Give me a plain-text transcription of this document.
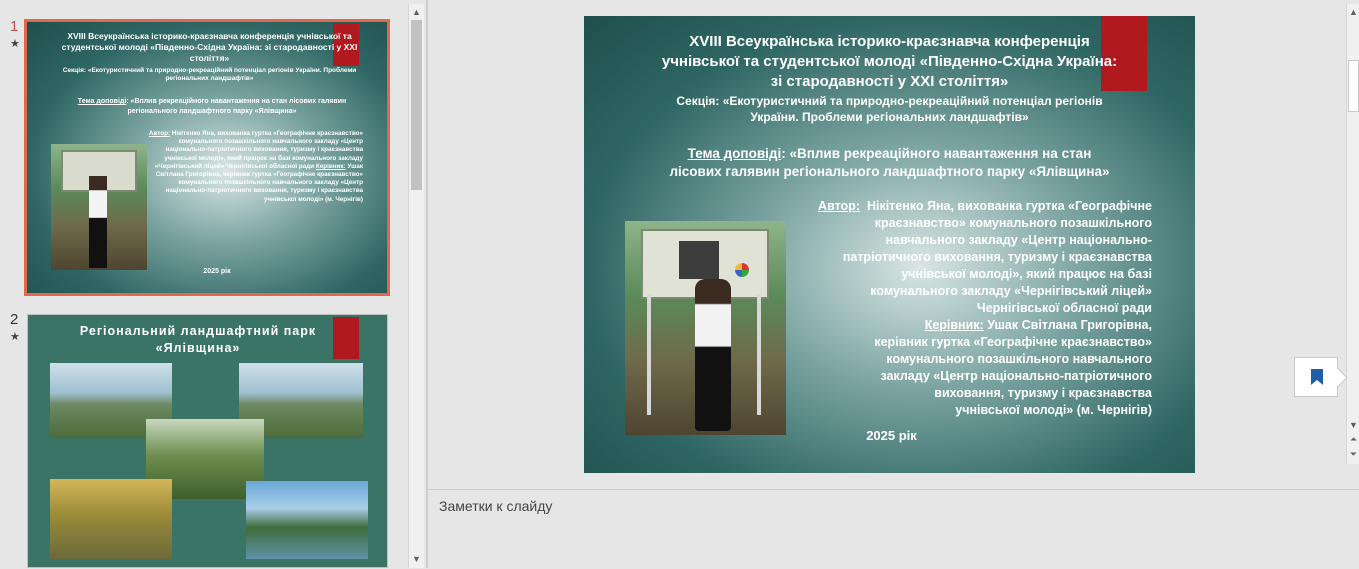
1
★
XVIII Всеукраїнська історико-краєзнавча конференція учнівської та студентської молоді «Південно-Східна Україна: зі стародавності у XXI століття»
Секція: «Екотуристичний та природно-рекреаційний потенціал регіонів України. Проблеми регіональних ландшафтів»
Тема доповіді: «Вплив рекреаційного навантаження на стан лісових галявин регіонального ландшафтного парку «Ялівщина»
Автор: Нікітенко Яна, вихованка гуртка «Географічне краєзнавство» комунального позашкільного навчального закладу «Центр національно-патріотичного виховання, туризму і краєзнавства учнівської молоді», який працює на базі комунального закладу «Чернігівський ліцей» Чернігівської обласної ради Керівник: Ушак Світлана Григорівна, керівник гуртка «Географічне краєзнавство» комунального позашкільного навчального закладу «Центр національно-патріотичного виховання, туризму і краєзнавства учнівської молоді» (м. Чернігів)
2025 рік
2
★	Регіональний ландшафтний парк «Ялівщина»
▲
▼
XVIII Всеукраїнська історико-краєзнавча конференція
учнівської та студентської молоді «Південно-Східна Україна:
зі стародавності у XXI століття»
Секція: «Екотуристичний та природно-рекреаційний потенціал регіонів
України. Проблеми регіональних ландшафтів»
Тема доповіді: «Вплив рекреаційного навантаження на стан
лісових галявин регіонального ландшафтного парку «Ялівщина»
Автор: Нікітенко Яна, вихованка гуртка «Географічне
краєзнавство» комунального позашкільного
навчального закладу «Центр національно-
патріотичного виховання, туризму і краєзнавства
учнівської молоді», який працює на базі
комунального закладу «Чернігівський ліцей»
Чернігівської обласної ради
Керівник: Ушак Світлана Григорівна,
керівник гуртка «Географічне краєзнавство»
комунального позашкільного навчального
закладу «Центр національно-патріотичного
виховання, туризму і краєзнавства
учнівської молоді» (м. Чернігів)
2025 рік
▲
▼
⏶
⏷
Заметки к слайду
